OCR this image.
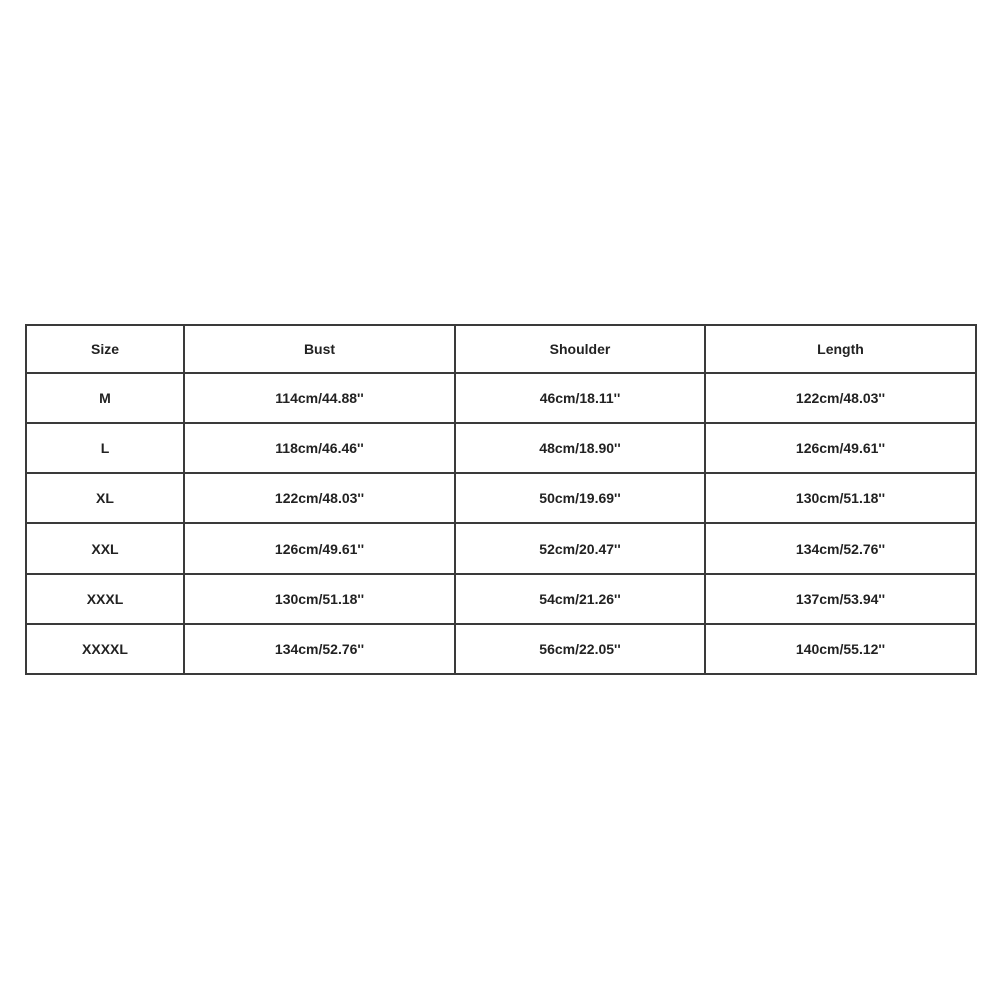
Size	Bust	Shoulder	Length
M	114cm/44.88''	46cm/18.11''	122cm/48.03''
L	118cm/46.46''	48cm/18.90''	126cm/49.61''
XL	122cm/48.03''	50cm/19.69''	130cm/51.18''
XXL	126cm/49.61''	52cm/20.47''	134cm/52.76''
XXXL	130cm/51.18''	54cm/21.26''	137cm/53.94''
XXXXL	134cm/52.76''	56cm/22.05''	140cm/55.12''
